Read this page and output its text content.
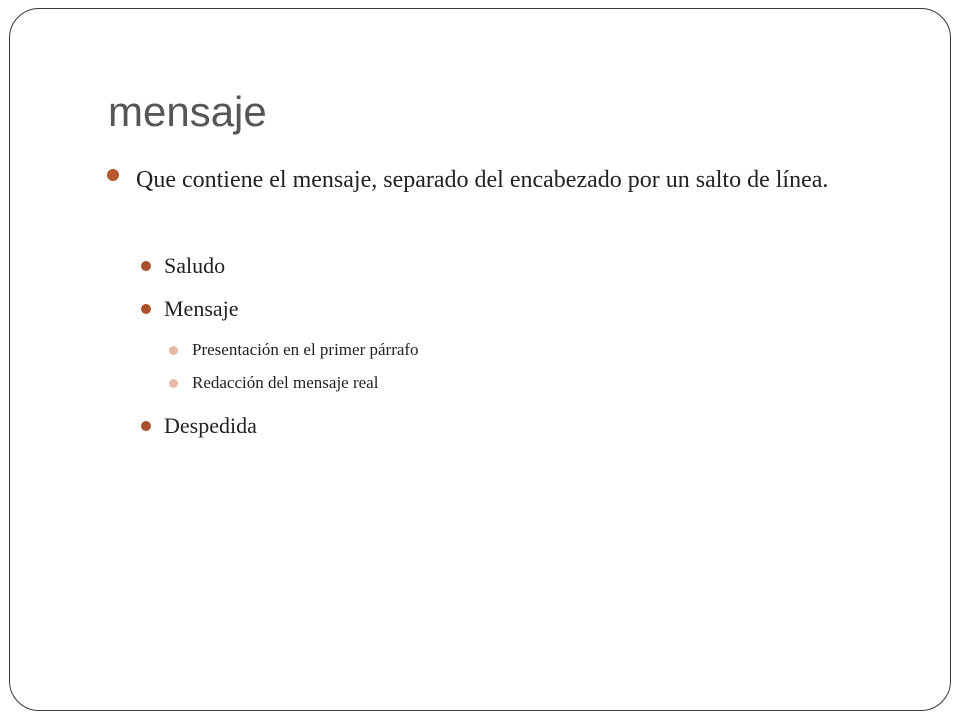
mensaje

Que contiene el mensaje, separado del encabezado por un salto de línea.

Saludo

Mensaje

Presentación en el primer párrafo

Redacción del mensaje real

Despedida
